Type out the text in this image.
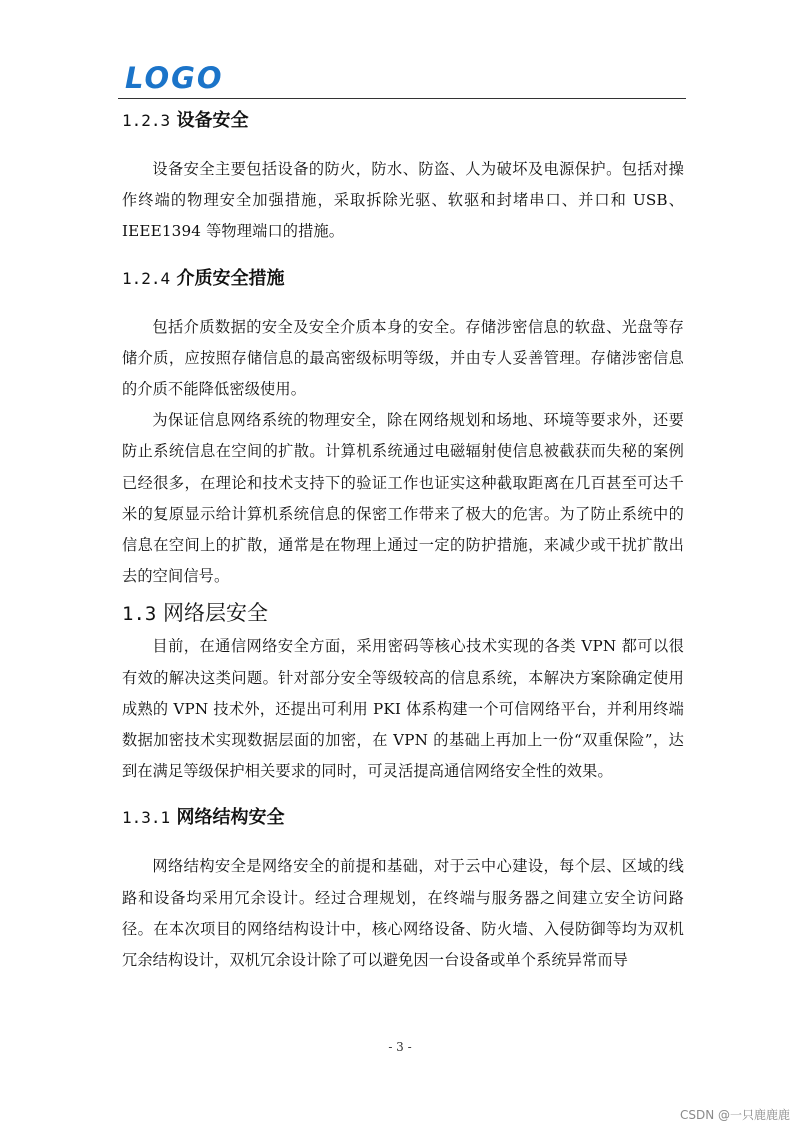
LOGO
1.2.3 设备安全

设备安全主要包括设备的防火，防水、防盗、人为破坏及电源保护。包括对操作终端的物理安全加强措施，采取拆除光驱、软驱和封堵串口、并口和 USB、IEEE1394 等物理端口的措施。

1.2.4 介质安全措施

包括介质数据的安全及安全介质本身的安全。存储涉密信息的软盘、光盘等存储介质，应按照存储信息的最高密级标明等级，并由专人妥善管理。存储涉密信息的介质不能降低密级使用。

为保证信息网络系统的物理安全，除在网络规划和场地、环境等要求外，还要防止系统信息在空间的扩散。计算机系统通过电磁辐射使信息被截获而失秘的案例已经很多，在理论和技术支持下的验证工作也证实这种截取距离在几百甚至可达千米的复原显示给计算机系统信息的保密工作带来了极大的危害。为了防止系统中的信息在空间上的扩散，通常是在物理上通过一定的防护措施，来减少或干扰扩散出去的空间信号。

1.3 网络层安全

目前，在通信网络安全方面，采用密码等核心技术实现的各类 VPN 都可以很有效的解决这类问题。针对部分安全等级较高的信息系统，本解决方案除确定使用成熟的 VPN 技术外，还提出可利用 PKI 体系构建一个可信网络平台，并利用终端数据加密技术实现数据层面的加密，在 VPN 的基础上再加上一份“双重保险”，达到在满足等级保护相关要求的同时，可灵活提高通信网络安全性的效果。

1.3.1 网络结构安全

网络结构安全是网络安全的前提和基础，对于云中心建设，每个层、区域的线路和设备均采用冗余设计。经过合理规划，在终端与服务器之间建立安全访问路径。在本次项目的网络结构设计中，核心网络设备、防火墙、入侵防御等均为双机冗余结构设计，双机冗余设计除了可以避免因一台设备或单个系统异常而导

- 3 -
CSDN @一只鹿鹿鹿
